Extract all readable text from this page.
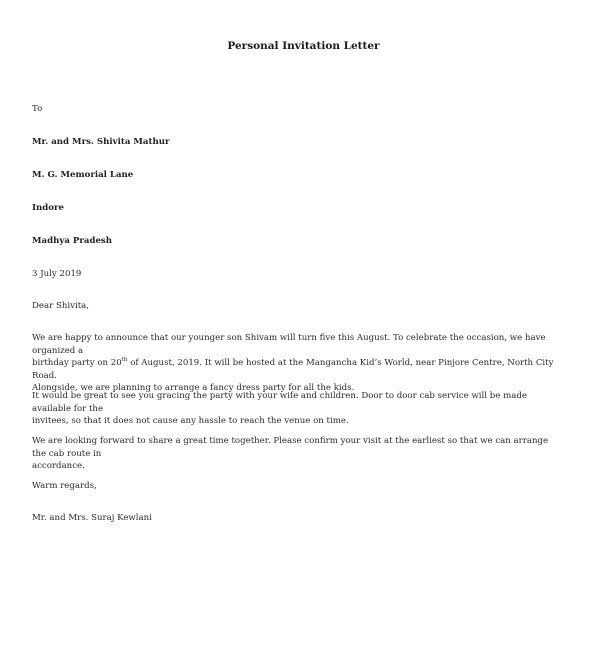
Personal Invitation Letter
To
Mr. and Mrs. Shivita Mathur
M. G. Memorial Lane
Indore
Madhya Pradesh
3 July 2019
Dear Shivita,
We are happy to announce that our younger son Shivam will turn five this August. To celebrate the occasion, we have organized a
birthday party on 20th of August, 2019. It will be hosted at the Mangancha Kid’s World, near Pinjore Centre, North City Road.
Alongside, we are planning to arrange a fancy dress party for all the kids.
It would be great to see you gracing the party with your wife and children. Door to door cab service will be made available for the
invitees, so that it does not cause any hassle to reach the venue on time.
We are looking forward to share a great time together. Please confirm your visit at the earliest so that we can arrange the cab route in
accordance.
Warm regards,
Mr. and Mrs. Suraj Kewlani
